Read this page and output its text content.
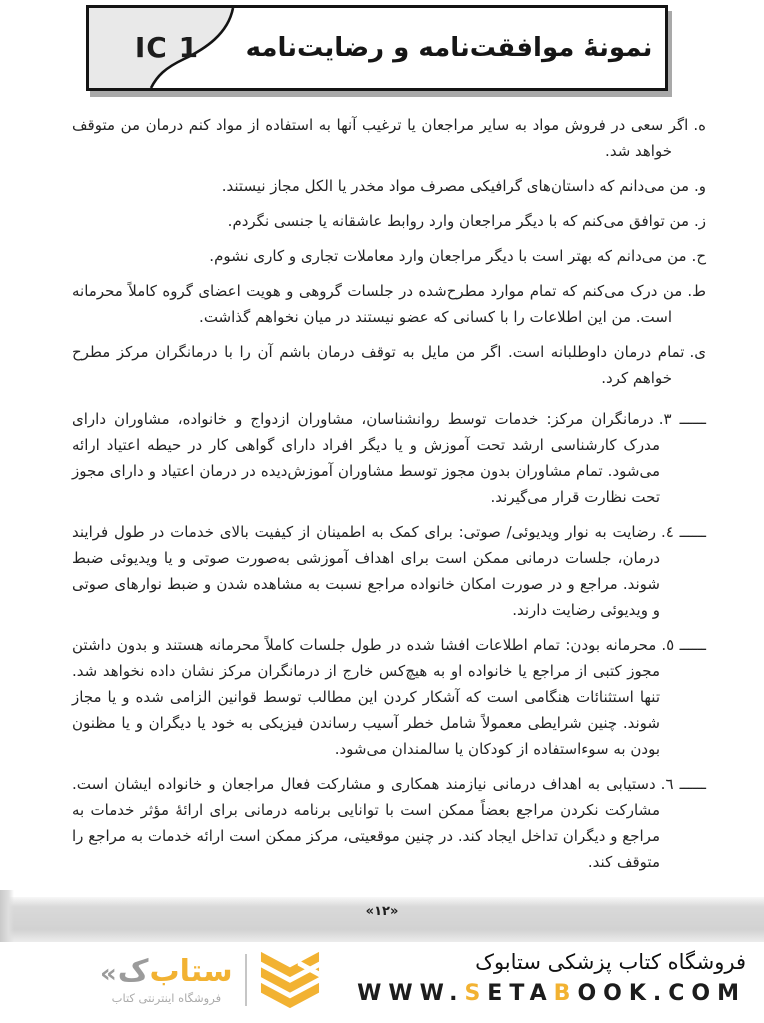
IC 1	نمونهٔ موافقت‌نامه و رضایت‌نامه
ه.اگر سعی در فروش مواد به سایر مراجعان یا ترغیب آنها به استفاده از مواد کنم درمان من متوقف خواهد شد.
و.من می‌دانم که داستان‌های گرافیکی مصرف مواد مخدر یا الکل مجاز نیستند.
ز.من توافق می‌کنم که با دیگر مراجعان وارد روابط عاشقانه یا جنسی نگردم.
ح.من می‌دانم که بهتر است با دیگر مراجعان وارد معاملات تجاری و کاری نشوم.
ط.من درک می‌کنم که تمام موارد مطرح‌شده در جلسات گروهی و هویت اعضای گروه کاملاً محرمانه است. من این اطلاعات را با کسانی که عضو نیستند در میان نخواهم گذاشت.
ی.تمام درمان داوطلبانه است. اگر من مایل به توقف درمان باشم آن را با درمانگران مرکز مطرح خواهم کرد.
ــــــ ۳.درمانگران مرکز: خدمات توسط روانشناسان، مشاوران ازدواج و خانواده، مشاوران دارای مدرک کارشناسی ارشد تحت آموزش و یا دیگر افراد دارای گواهی کار در حیطه اعتیاد ارائه می‌شود. تمام مشاوران بدون مجوز توسط مشاوران آموزش‌دیده در درمان اعتیاد و دارای مجوز تحت نظارت قرار می‌گیرند.
ــــــ ٤.رضایت به نوار ویدیوئی/ صوتی: برای کمک به اطمینان از کیفیت بالای خدمات در طول فرایند درمان، جلسات درمانی ممکن است برای اهداف آموزشی به‌صورت صوتی و یا ویدیوئی ضبط شوند. مراجع و در صورت امکان خانواده مراجع نسبت به مشاهده شدن و ضبط نوارهای صوتی و ویدیوئی رضایت دارند.
ــــــ ٥.محرمانه بودن: تمام اطلاعات افشا شده در طول جلسات کاملاً محرمانه هستند و بدون داشتن مجوز کتبی از مراجع یا خانواده او به هیچ‌کس خارج از درمانگران مرکز نشان داده نخواهد شد. تنها استثنائات هنگامی است که آشکار کردن این مطالب توسط قوانین الزامی شده و یا مجاز شوند. چنین شرایطی معمولاً شامل خطر آسیب رساندن فیزیکی به خود یا دیگران و یا مظنون بودن به سوءاستفاده از کودکان یا سالمندان می‌شود.
ــــــ ٦.دستیابی به اهداف درمانی نیازمند همکاری و مشارکت فعال مراجعان و خانواده ایشان است. مشارکت نکردن مراجع بعضاً ممکن است با توانایی برنامه درمانی برای ارائهٔ مؤثر خدمات به مراجع و دیگران تداخل ایجاد کند. در چنین موقعیتی، مرکز ممکن است ارائه خدمات به مراجع را متوقف کند.
«۱۲»
« ک ستاب
فروشگاه اینترنتی کتاب
فروشگاه کتاب پزشکی ستابوک
WWW.SETABOOK.COM
